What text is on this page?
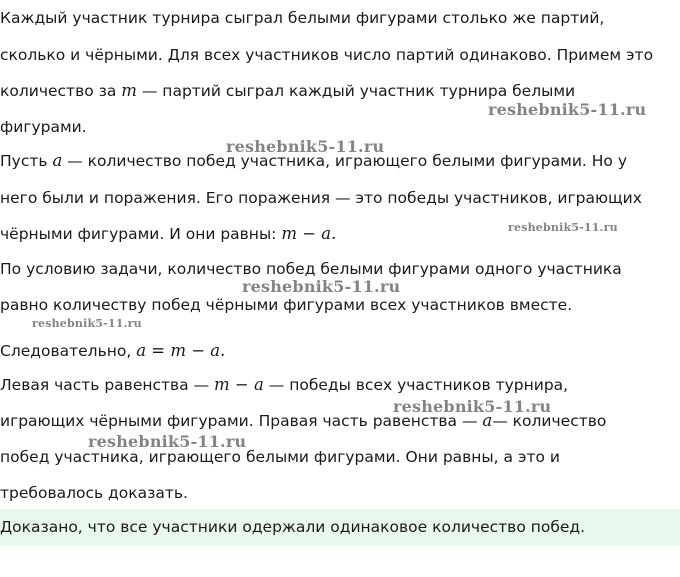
Каждый участник турнира сыграл белыми фигурами столько же партий,
сколько и чёрными. Для всех участников число партий одинаково. Примем это
количество за m — партий сыграл каждый участник турнира белыми
фигурами.
Пусть a — количество побед участника, играющего белыми фигурами. Но у
него были и поражения. Его поражения — это победы участников, играющих
чёрными фигурами. И они равны: m − a.
По условию задачи, количество побед белыми фигурами одного участника
равно количеству побед чёрными фигурами всех участников вместе.
Следовательно, a = m − a.
Левая часть равенства — m − a — победы всех участников турнира,
играющих чёрными фигурами. Правая часть равенства — a— количество
побед участника, играющего белыми фигурами. Они равны, а это и
требовалось доказать.
Доказано, что все участники одержали одинаковое количество побед.
reshebnik5-11.ru
reshebnik5-11.ru
reshebnik5-11.ru
reshebnik5-11.ru
reshebnik5-11.ru
reshebnik5-11.ru
reshebnik5-11.ru
